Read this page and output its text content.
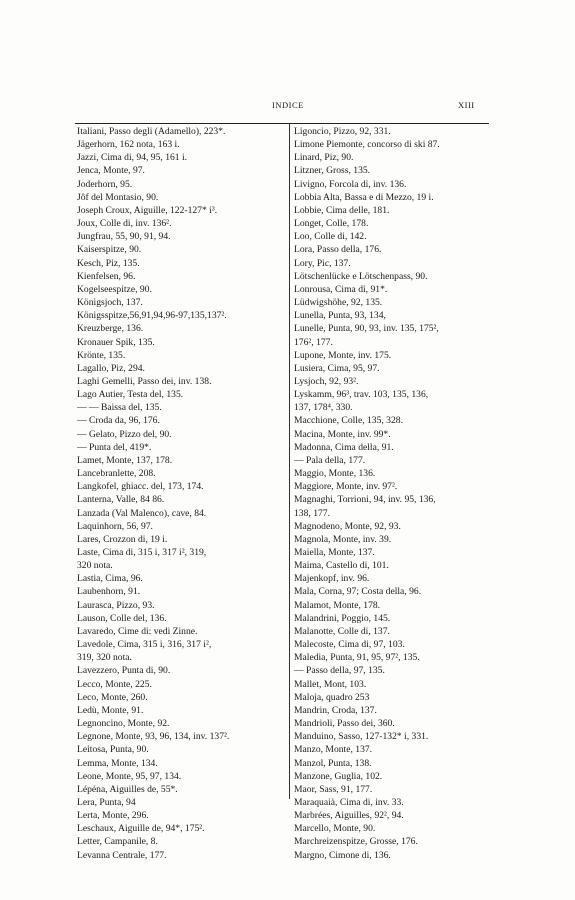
INDICE	XIII
Italiani, Passo degli (Adamello), 223*.
Jägerhorn, 162 nota, 163 i.
Jazzi, Cima di, 94, 95, 161 i.
Jenca, Monte, 97.
Joderhorn, 95.
Jôf del Montasio, 90.
Joseph Croux, Aiguille, 122-127* i³.
Joux, Colle di, inv. 136².
Jungfrau, 55, 90, 91, 94.
Kaiserspitze, 90.
Kesch, Piz, 135.
Kienfelsen, 96.
Kogelseespitze, 90.
Königsjoch, 137.
Königsspitze,56,91,94,96-97,135,137².
Kreuzberge, 136.
Kronauer Spik, 135.
Krönte, 135.
Lagallo, Piz, 294.
Laghi Gemelli, Passo dei, inv. 138.
Lago Autier, Testa del, 135.
— — Baissa del, 135.
— Croda da, 96, 176.
— Gelato, Pizzo del, 90.
— Punta del, 419*.
Lamet, Monte, 137, 178.
Lancebranlette, 208.
Langkofel, ghiacc. del, 173, 174.
Lanterna, Valle, 84 86.
Lanzada (Val Malenco), cave, 84.
Laquinhorn, 56, 97.
Lares, Crozzon di, 19 i.
Laste, Cima di, 315 i, 317 i², 319,
320 nota.
Lastia, Cima, 96.
Laubenhorn, 91.
Laurasca, Pizzo, 93.
Lauson, Colle del, 136.
Lavaredo, Cime di: vedi Zinne.
Lavedole, Cima, 315 i, 316, 317 i²,
319, 320 nota.
Lavezzero, Punta di, 90.
Lecco, Monte, 225.
Leco, Monte, 260.
Ledù, Monte, 91.
Legnoncino, Monte, 92.
Legnone, Monte, 93, 96, 134, inv. 137².
Leitosa, Punta, 90.
Lemma, Monte, 134.
Leone, Monte, 95, 97, 134.
Lépéna, Aiguilles de, 55*.
Lera, Punta, 94
Lerta, Monte, 296.
Leschaux, Aiguille de, 94*, 175².
Letter, Campanile, 8.
Levanna Centrale, 177.
Ligoncio, Pizzo, 92, 331.
Limone Piemonte, concorso di ski 87.
Linard, Piz, 90.
Litzner, Gross, 135.
Livigno, Forcola di, inv. 136.
Lobbia Alta, Bassa e di Mezzo, 19 i.
Lobbie, Cima delle, 181.
Longet, Colle, 178.
Loo, Colle di, 142.
Lora, Passo della, 176.
Lory, Pic, 137.
Lötschenlücke e Lötschenpass, 90.
Lonrousa, Cima di, 91*.
Lüdwigshöhe, 92, 135.
Lunella, Punta, 93, 134,
Lunelle, Punta, 90, 93, inv. 135, 175²,
176², 177.
Lupone, Monte, inv. 175.
Lusiera, Cima, 95, 97.
Lysjoch, 92, 93².
Lyskamm, 96³, trav. 103, 135, 136,
137, 178⁴, 330.
Macchione, Colle, 135, 328.
Macina, Monte, inv. 99*.
Madonna, Cima della, 91.
— Pala della, 177.
Maggio, Monte, 136.
Maggiore, Monte, inv. 97².
Magnaghi, Torrioni, 94, inv. 95, 136,
138, 177.
Magnodeno, Monte, 92, 93.
Magnola, Monte, inv. 39.
Maiella, Monte, 137.
Maima, Castello di, 101.
Majenkopf, inv. 96.
Mala, Corna, 97; Costa della, 96.
Malamot, Monte, 178.
Malandrini, Poggio, 145.
Malanotte, Colle di, 137.
Malecoste, Cima di, 97, 103.
Maledia, Punta, 91, 95, 97², 135.
— Passo della, 97, 135.
Mallet, Mont, 103.
Maloja, quadro 253
Mandrin, Croda, 137.
Mandrioli, Passo dei, 360.
Manduino, Sasso, 127-132* i, 331.
Manzo, Monte, 137.
Manzol, Punta, 138.
Manzone, Guglia, 102.
Maor, Sass, 91, 177.
Maraquaià, Cima di, inv. 33.
Marbrées, Aiguilles, 92², 94.
Marcello, Monte, 90.
Marchreizenspitze, Grosse, 176.
Margno, Cimone di, 136.
